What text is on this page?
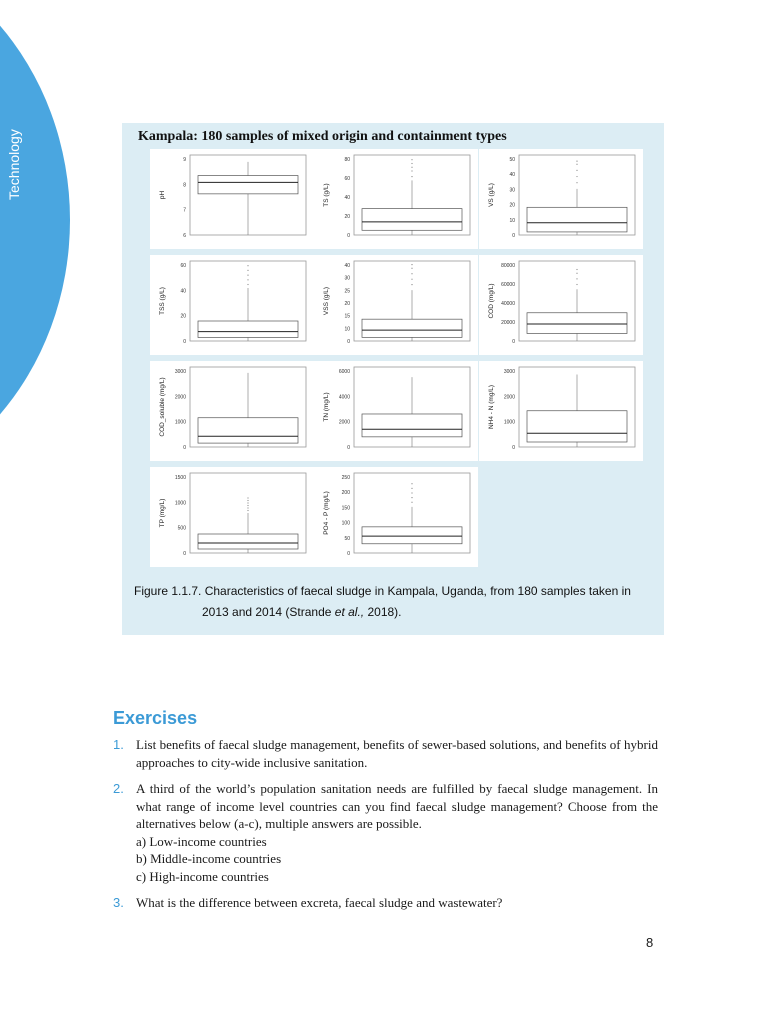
Technology	Kampala: 180 samples of mixed origin and containment types
9
8
7
6
pH
80
60
40
20
0
TS (g/L)
50
40
30
20
10
0
VS (g/L)
60
40
20
0
TSS (g/L)
40
30
25
20
15
10
0
VSS (g/L)
80000
60000
40000
20000
0
COD (mg/L)
3000
2000
1000
0
COD_soluble (mg/L)
6000
4000
2000
0
TN (mg/L)
3000
2000
1000
0
NH4 - N (mg/L)
1500
1000
500
0
TP (mg/L)
250
200
150
100
50
0
PO4 - P (mg/L)
Figure 1.1.7. Characteristics of faecal sludge in Kampala, Uganda, from 180 samples taken in
2013 and 2014 (Strande et al., 2018).
Exercises
1. List benefits of faecal sludge management, benefits of sewer-based solutions, and benefits of hybrid approaches to city-wide inclusive sanitation.
2. A third of the world’s population sanitation needs are fulfilled by faecal sludge management. In what range of income level countries can you find faecal sludge management? Choose from the alternatives below (a-c), multiple answers are possible.
a) Low-income countries
b) Middle-income countries
c) High-income countries
3. What is the difference between excreta, faecal sludge and wastewater?
8
